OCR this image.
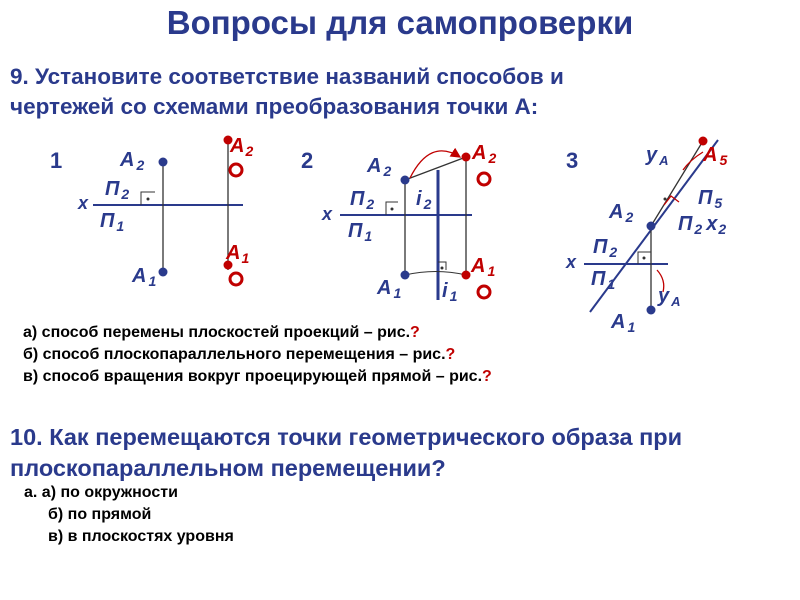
Вопросы для самопроверки
9. Установите соответствие названий способов и
чертежей со схемами преобразования точки А:
1	A $_2$
$A_2$
П $_2$
П $_1$
x
A $_1$
$A_1$
2	A $_2$
A $_2$
П $_2$
П $_1$
x
i $_2$
i $_1$
A $_1$
A $_1$
3	y $_A$ A $_5$
П $_5$
П $_2$ $x_2$
A $_2$
П $_2$
П $_1$
x
y $_A$
A $_1$
а) способ перемены плоскостей проекций – рис.?
б) способ плоскопараллельного перемещения – рис.?
в) способ вращения вокруг проецирующей прямой – рис.?
10. Как перемещаются точки геометрического образа при
плоскопараллельном перемещении?
а. а) по окружности
б) по прямой
в) в плоскостях уровня
